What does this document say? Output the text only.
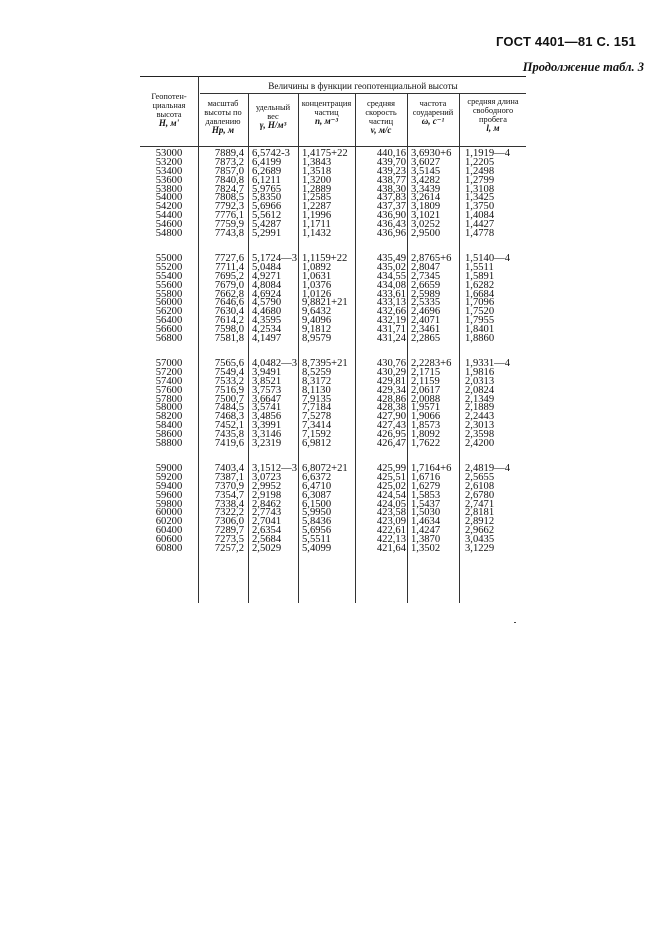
ГОСТ 4401—81 С. 151
Продолжение табл. 3
Величины в функции геопотенциальной высоты
Геопотен-
циальная
высота
H, м'
масштаб
высоты по
давлению
Hp, м
удельный
вес
γ, Н/м³
концентрация
частиц
n, м⁻³
средняя
скорость
частиц
v, м/с
частота
соударений
ω, с⁻¹
средняя длина
свободного
пробега
l, м
53000
53200
53400
53600
53800
54000
54200
54400
54600
54800
7889,4
7873,2
7857,0
7840,8
7824,7
7808,5
7792,3
7776,1
7759,9
7743,8
6,5742-3
6,4199
6,2689
6,1211
5,9765
5,8350
5,6966
5,5612
5,4287
5,2991
1,4175+22
1,3843
1,3518
1,3200
1,2889
1,2585
1,2287
1,1996
1,1711
1,1432
440,16
439,70
439,23
438,77
438,30
437,83
437,37
436,90
436,43
436,96
3,6930+6
3,6027
3,5145
3,4282
3,3439
3,2614
3,1809
3,1021
3,0252
2,9500
1,1919—4
1,2205
1,2498
1,2799
1,3108
1,3425
1,3750
1,4084
1,4427
1,4778
55000
55200
55400
55600
55800
56000
56200
56400
56600
56800
7727,6
7711,4
7695,2
7679,0
7662,8
7646,6
7630,4
7614,2
7598,0
7581,8
5,1724—3
5,0484
4,9271
4,8084
4,6924
4,5790
4,4680
4,3595
4,2534
4,1497
1,1159+22
1,0892
1,0631
1,0376
1,0126
9,8821+21
9,6432
9,4096
9,1812
8,9579
435,49
435,02
434,55
434,08
433,61
433,13
432,66
432,19
431,71
431,24
2,8765+6
2,8047
2,7345
2,6659
2,5989
2,5335
2,4696
2,4071
2,3461
2,2865
1,5140—4
1,5511
1,5891
1,6282
1,6684
1,7096
1,7520
1,7955
1,8401
1,8860
57000
57200
57400
57600
57800
58000
58200
58400
58600
58800
7565,6
7549,4
7533,2
7516,9
7500,7
7484,5
7468,3
7452,1
7435,8
7419,6
4,0482—3
3,9491
3,8521
3,7573
3,6647
3,5741
3,4856
3,3991
3,3146
3,2319
8,7395+21
8,5259
8,3172
8,1130
7,9135
7,7184
7,5278
7,3414
7,1592
6,9812
430,76
430,29
429,81
429,34
428,86
428,38
427,90
427,43
426,95
426,47
2,2283+6
2,1715
2,1159
2,0617
2,0088
1,9571
1,9066
1,8573
1,8092
1,7622
1,9331—4
1,9816
2,0313
2,0824
2,1349
2,1889
2,2443
2,3013
2,3598
2,4200
59000
59200
59400
59600
59800
60000
60200
60400
60600
60800
7403,4
7387,1
7370,9
7354,7
7338,4
7322,2
7306,0
7289,7
7273,5
7257,2
3,1512—3
3,0723
2,9952
2,9198
2,8462
2,7743
2,7041
2,6354
2,5684
2,5029
6,8072+21
6,6372
6,4710
6,3087
6,1500
5,9950
5,8436
5,6956
5,5511
5,4099
425,99
425,51
425,02
424,54
424,05
423,58
423,09
422,61
422,13
421,64
1,7164+6
1,6716
1,6279
1,5853
1,5437
1,5030
1,4634
1,4247
1,3870
1,3502
2,4819—4
2,5655
2,6108
2,6780
2,7471
2,8181
2,8912
2,9662
3,0435
3,1229
